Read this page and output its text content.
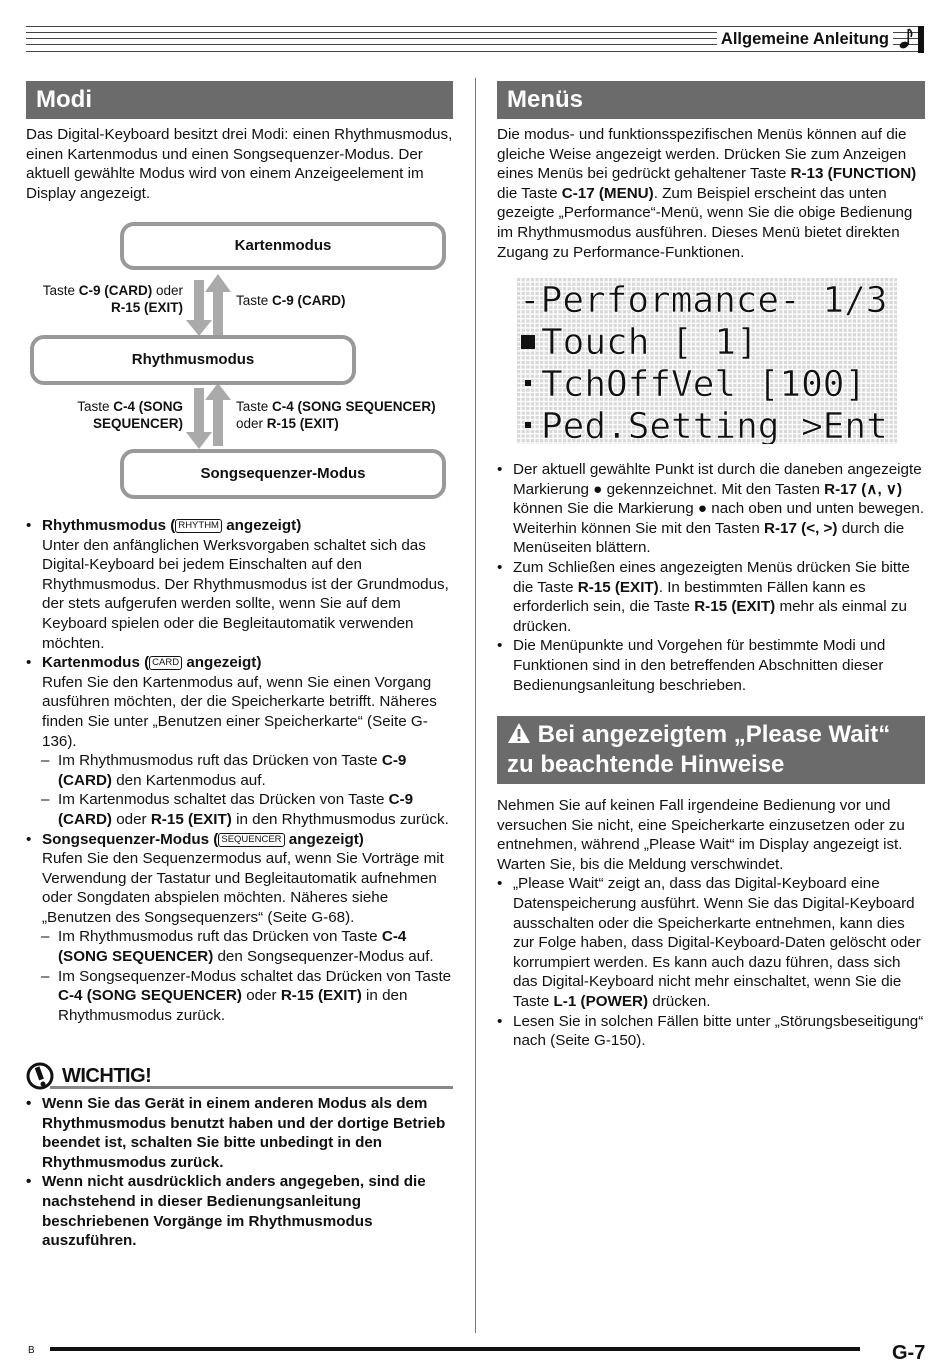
Allgemeine Anleitung
Modi

Das Digital-Keyboard besitzt drei Modi: einen Rhythmusmodus, einen Kartenmodus und einen Songsequenzer-Modus. Der aktuell gewählte Modus wird von einem Anzeigeelement im Display angezeigt.

Kartenmodus
Rhythmusmodus
Songsequenzer-Modus
Taste C-9 (CARD) oder
R-15 (EXIT)	Taste C-9 (CARD)
Taste C-4 (SONG
SEQUENCER)
Taste C-4 (SONG SEQUENCER)
oder R-15 (EXIT)
• Rhythmusmodus ( RHYTHM angezeigt)

Unter den anfänglichen Werksvorgaben schaltet sich das Digital-Keyboard bei jedem Einschalten auf den Rhythmusmodus. Der Rhythmusmodus ist der Grundmodus, der stets aufgerufen werden sollte, wenn Sie auf dem Keyboard spielen oder die Begleitautomatik verwenden möchten.

• Kartenmodus ( CARD angezeigt)

Rufen Sie den Kartenmodus auf, wenn Sie einen Vorgang ausführen möchten, der die Speicherkarte betrifft. Näheres finden Sie unter „Benutzen einer Speicherkarte“ (Seite G-136).

– Im Rhythmusmodus ruft das Drücken von Taste C-9 (CARD) den Kartenmodus auf.
– Im Kartenmodus schaltet das Drücken von Taste C-9 (CARD) oder R-15 (EXIT) in den Rhythmusmodus zurück.
• Songsequenzer-Modus ( SEQUENCER angezeigt)

Rufen Sie den Sequenzermodus auf, wenn Sie Vorträge mit Verwendung der Tastatur und Begleitautomatik aufnehmen oder Songdaten abspielen möchten. Näheres siehe „Benutzen des Songsequenzers“ (Seite G-68).

– Im Rhythmusmodus ruft das Drücken von Taste C-4 (SONG SEQUENCER) den Songsequenzer-Modus auf.
– Im Songsequenzer-Modus schaltet das Drücken von Taste C-4 (SONG SEQUENCER) oder R-15 (EXIT) in den Rhythmusmodus zurück.
WICHTIG!
• Wenn Sie das Gerät in einem anderen Modus als dem Rhythmusmodus benutzt haben und der dortige Betrieb beendet ist, schalten Sie bitte unbedingt in den Rhythmusmodus zurück.
• Wenn nicht ausdrücklich anders angegeben, sind die nachstehend in dieser Bedienungsanleitung beschriebenen Vorgänge im Rhythmusmodus auszuführen.
Menüs

Die modus- und funktionsspezifischen Menüs können auf die gleiche Weise angezeigt werden. Drücken Sie zum Anzeigen eines Menüs bei gedrückt gehaltener Taste R-13 (FUNCTION) die Taste C-17 (MENU). Zum Beispiel erscheint das unten gezeigte „Performance“-Menü, wenn Sie die obige Bedienung im Rhythmusmodus ausführen. Dieses Menü bietet direkten Zugang zu Performance-Funktionen.

-Performance- 1/3
Touch [ 1]
TchOffVel [100]
Ped.Setting >Ent
• Der aktuell gewählte Punkt ist durch die daneben angezeigte Markierung ● gekennzeichnet. Mit den Tasten R-17 (∧, ∨) können Sie die Markierung ● nach oben und unten bewegen. Weiterhin können Sie mit den Tasten R-17 (<, >) durch die Menüseiten blättern.
• Zum Schließen eines angezeigten Menüs drücken Sie bitte die Taste R-15 (EXIT). In bestimmten Fällen kann es erforderlich sein, die Taste R-15 (EXIT) mehr als einmal zu drücken.
• Die Menüpunkte und Vorgehen für bestimmte Modi und Funktionen sind in den betreffenden Abschnitten dieser Bedienungsanleitung beschrieben.
Bei angezeigtem „Please Wait“
zu beachtende Hinweise

Nehmen Sie auf keinen Fall irgendeine Bedienung vor und versuchen Sie nicht, eine Speicherkarte einzusetzen oder zu entnehmen, während „Please Wait“ im Display angezeigt ist. Warten Sie, bis die Meldung verschwindet.

• „Please Wait“ zeigt an, dass das Digital-Keyboard eine Datenspeicherung ausführt. Wenn Sie das Digital-Keyboard ausschalten oder die Speicherkarte entnehmen, kann dies zur Folge haben, dass Digital-Keyboard-Daten gelöscht oder korrumpiert werden. Es kann auch dazu führen, dass sich das Digital-Keyboard nicht mehr einschaltet, wenn Sie die Taste L-1 (POWER) drücken.
• Lesen Sie in solchen Fällen bitte unter „Störungsbeseitigung“ nach (Seite G-150).
B	G-7
